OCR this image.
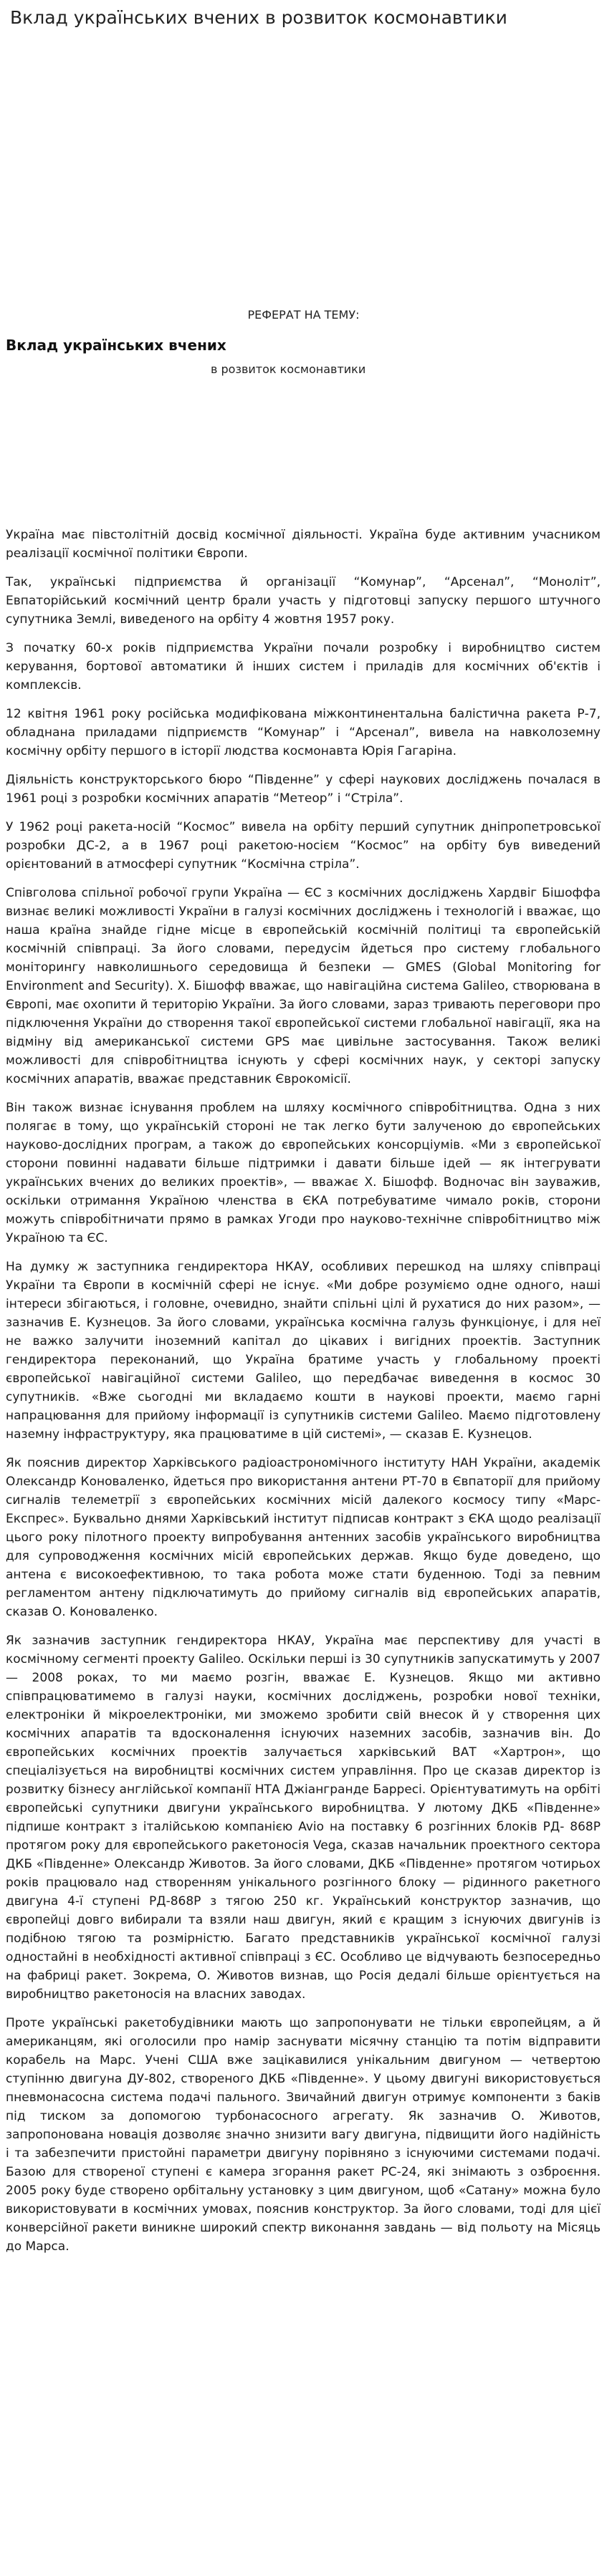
Вклад українських вчених в розвиток космонавтики
РЕФЕРАТ НА ТЕМУ:
Вклад українських вчених
в розвиток космонавтики

Україна має півстолітній досвід космічної діяльності. Україна буде активним учасником реалізації космічної політики Європи.

Так, українські підприємства й організації “Комунар”, “Арсенал”, “Моноліт”, Евпаторійський космічний центр брали участь у підготовці запуску першого штучного супутника Землі, виведеного на орбіту 4 жовтня 1957 року.

З початку 60-х років підприємства України почали розробку і виробництво систем керування, бортової автоматики й інших систем і приладів для космічних об'єктів і комплексів.

12 квітня 1961 року російська модифікована міжконтинентальна балістична ракета Р-7, обладнана приладами підприємств “Комунар” і “Арсенал”, вивела на навколоземну космічну орбіту першого в історії людства космонавта Юрія Гагаріна.

Діяльність конструкторського бюро “Південне” у сфері наукових досліджень почалася в 1961 році з розробки космічних апаратів “Метеор” і “Стріла”.

У 1962 році ракета-носій “Космос” вивела на орбіту перший супутник дніпропетровської розробки ДС-2, а в 1967 році ракетою-носієм “Космос” на орбіту був виведений орієнтований в атмосфері супутник “Космічна стріла”.

Співголова спільної робочої групи Україна — ЄС з космічних досліджень Хардвіг Бішоффа визнає великі можливості України в галузі космічних досліджень і технологій і вважає, що наша країна знайде гідне місце в європейській космічній політиці та європейській космічній співпраці. За його словами, передусім йдеться про систему глобального моніторингу навколишнього середовища й безпеки — GMES (Global Monitoring for Environment and Security). Х. Бішофф вважає, що навігаційна система Galileo, створювана в Європі, має охопити й територію України. За його словами, зараз тривають переговори про підключення України до створення такої європейської системи глобальної навігації, яка на відміну від американської системи GPS має цивільне застосування. Також великі можливості для співробітництва існують у сфері космічних наук, у секторі запуску космічних апаратів, вважає представник Єврокомісії.

Він також визнає існування проблем на шляху космічного співробітництва. Одна з них полягає в тому, що українській стороні не так легко бути залученою до європейських науково-дослідних програм, а також до європейських консорціумів. «Ми з європейської сторони повинні надавати більше підтримки і давати більше ідей — як інтегрувати українських вчених до великих проектів», — вважає Х. Бішофф. Водночас він зауважив, оскільки отримання Україною членства в ЄКА потребуватиме чимало років, сторони можуть співробітничати прямо в рамках Угоди про науково-технічне співробітництво між Україною та ЄС.

На думку ж заступника гендиректора НКАУ, особливих перешкод на шляху співпраці України та Європи в космічній сфері не існує. «Ми добре розуміємо одне одного, наші інтереси збігаються, і головне, очевидно, знайти спільні цілі й рухатися до них разом», — зазначив Е. Кузнецов. За його словами, українська космічна галузь функціонує, і для неї не важко залучити іноземний капітал до цікавих і вигідних проектів. Заступник гендиректора переконаний, що Україна братиме участь у глобальному проекті європейської навігаційної системи Galileo, що передбачає виведення в космос 30 супутників. «Вже сьогодні ми вкладаємо кошти в наукові проекти, маємо гарні напрацювання для прийому інформації із супутників системи Galileo. Маємо підготовлену наземну інфраструктуру, яка працюватиме в цій системі», — сказав Е. Кузнецов.

Як пояснив директор Харківського радіоастрономічного інституту НАН України, академік Олександр Коноваленко, йдеться про використання антени РТ-70 в Євпаторії для прийому сигналів телеметрії з європейських космічних місій далекого космосу типу «Марс-Експрес». Буквально днями Харківський інститут підписав контракт з ЄКА щодо реалізації цього року пілотного проекту випробування антенних засобів українського виробництва для супроводження космічних місій європейських держав. Якщо буде доведено, що антена є високоефективною, то така робота може стати буденною. Тоді за певним регламентом антену підключатимуть до прийому сигналів від європейських апаратів, сказав О. Коноваленко.

Як зазначив заступник гендиректора НКАУ, Україна має перспективу для участі в космічному сегменті проекту Galileo. Оскільки перші із 30 супутників запускатимуть у 2007 — 2008 роках, то ми маємо розгін, вважає Е. Кузнецов. Якщо ми активно співпрацюватимемо в галузі науки, космічних досліджень, розробки нової техніки, електроніки й мікроелектроніки, ми зможемо зробити свій внесок й у створення цих космічних апаратів та вдосконалення існуючих наземних засобів, зазначив він. До європейських космічних проектів залучається харківський ВАТ «Хартрон», що спеціалізується на виробництві космічних систем управління. Про це сказав директор із розвитку бізнесу англійської компанії НТА Джіанграндe Барресі. Орієнтуватимуть на орбіті європейські супутники двигуни українського виробництва. У лютому ДКБ «Південне» підпише контракт з італійською компанією Avio на поставку 6 розгінних блоків РД- 868Р протягом року для європейського ракетоносія Vega, сказав начальник проектного сектора ДКБ «Південне» Олександр Животов. За його словами, ДКБ «Південне» протягом чотирьох років працювало над створенням унікального розгінного блоку — рідинного ракетного двигуна 4-ї ступені РД-868Р з тягою 250 кг. Український конструктор зазначив, що європейці довго вибирали та взяли наш двигун, який є кращим з існуючих двигунів із подібною тягою та розмірністю. Багато представників української космічної галузі одностайні в необхідності активної співпраці з ЄС. Особливо це відчувають безпосередньо на фабриці ракет. Зокрема, О. Животов визнав, що Росія дедалі більше орієнтується на виробництво ракетоносія на власних заводах.

Проте українські ракетобудівники мають що запропонувати не тільки європейцям, а й американцям, які оголосили про намір заснувати місячну станцію та потім відправити корабель на Марс. Учені США вже зацікавилися унікальним двигуном — четвертою ступінню двигуна ДУ-802, створеного ДКБ «Південне». У цьому двигуні використовується пневмонасосна система подачі пального. Звичайний двигун отримує компоненти з баків під тиском за допомогою турбонасосного агрегату. Як зазначив О. Животов, запропонована новація дозволяє значно знизити вагу двигуна, підвищити його надійність і та забезпечити пристойні параметри двигуну порівняно з існуючими системами подачі. Базою для створеної ступені є камера згорання ракет РС-24, які знімають з озброєння. 2005 року буде створено орбітальну установку з цим двигуном, щоб «Сатану» можна було використовувати в космічних умовах, пояснив конструктор. За його словами, тоді для цієї конверсійної ракети виникне широкий спектр виконання завдань — від польоту на Місяць до Марса.
